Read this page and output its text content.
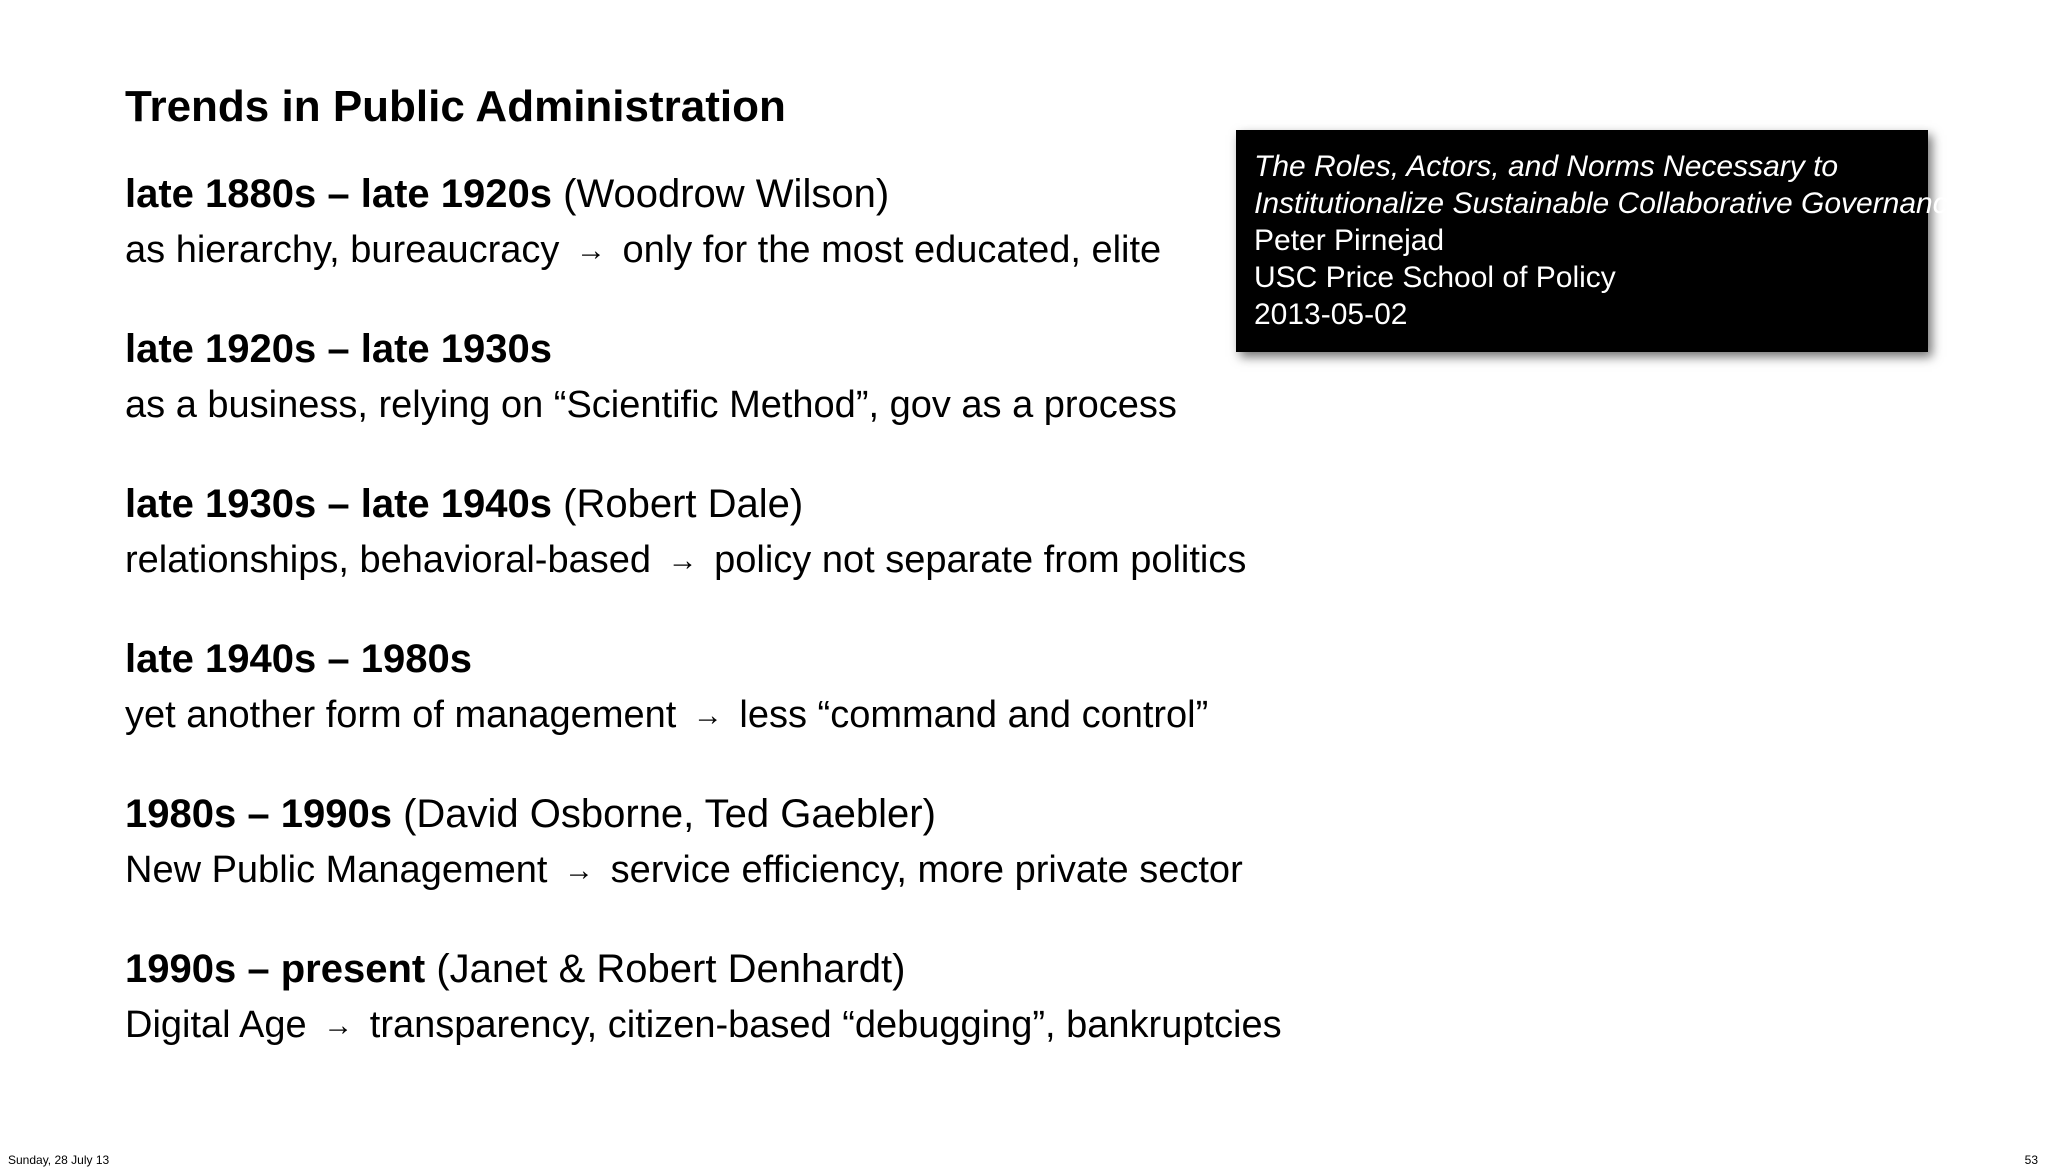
Trends in Public Administration
late 1880s – late 1920s (Woodrow Wilson)
as hierarchy, bureaucracy → only for the most educated, elite
late 1920s – late 1930s
as a business, relying on “Scientific Method”, gov as a process
late 1930s – late 1940s (Robert Dale)
relationships, behavioral-based → policy not separate from politics
late 1940s – 1980s
yet another form of management → less “command and control”
1980s – 1990s (David Osborne, Ted Gaebler)
New Public Management → service efficiency, more private sector
1990s – present (Janet & Robert Denhardt)
Digital Age → transparency, citizen-based “debugging”, bankruptcies
The Roles, Actors, and Norms Necessary to
Institutionalize Sustainable Collaborative Governance
Peter Pirnejad
USC Price School of Policy
2013-05-02
Sunday, 28 July 13	53
